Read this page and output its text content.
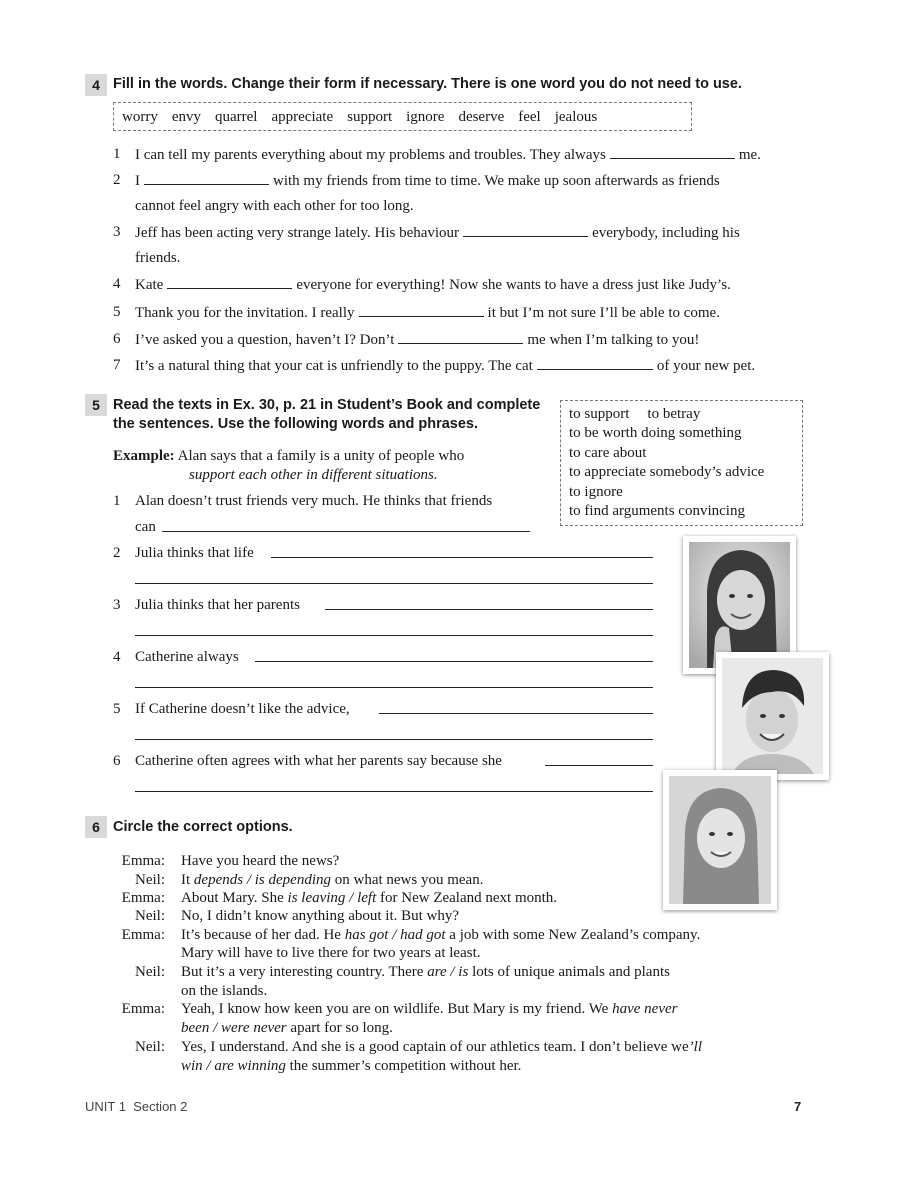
4 Fill in the words. Change their form if necessary. There is one word you do not need to use.
worry envy quarrel appreciate support ignore deserve feel jealous
1 I can tell my parents everything about my problems and troubles. They always	me.
2 I	with my friends from time to time. We make up soon afterwards as friends
cannot feel angry with each other for too long.
3 Jeff has been acting very strange lately. His behaviour	everybody, including his
friends.
4 Kate	everyone for everything! Now she wants to have a dress just like Judy’s.
5 Thank you for the invitation. I really	it but I’m not sure I’ll be able to come.
6 I’ve asked you a question, haven’t I? Don’t	me when I’m talking to you!
7 It’s a natural thing that your cat is unfriendly to the puppy. The cat	of your new pet.
5 Read the texts in Ex. 30, p. 21 in Student’s Book and complete
the sentences. Use the following words and phrases.
to support to betray
to be worth doing something
to care about
to appreciate somebody’s advice
to ignore
to find arguments convincing
Example: Alan says that a family is a unity of people who
support each other in different situations.
1 Alan doesn’t trust friends very much. He thinks that friends
can
2 Julia thinks that life
3 Julia thinks that her parents
4 Catherine always
5 If Catherine doesn’t like the advice,
6 Catherine often agrees with what her parents say because she
6 Circle the correct options.
Emma: Have you heard the news?
Neil: It depends / is depending on what news you mean.
Emma: About Mary. She is leaving / left for New Zealand next month.
Neil: No, I didn’t know anything about it. But why?
Emma: It’s because of her dad. He has got / had got a job with some New Zealand’s company.
Mary will have to live there for two years at least.
Neil: But it’s a very interesting country. There are / is lots of unique animals and plants
on the islands.
Emma: Yeah, I know how keen you are on wildlife. But Mary is my friend. We have never
been / were never apart for so long.
Neil: Yes, I understand. And she is a good captain of our athletics team. I don’t believe we’ll
win / are winning the summer’s competition without her.
UNIT 1 Section 2	7
